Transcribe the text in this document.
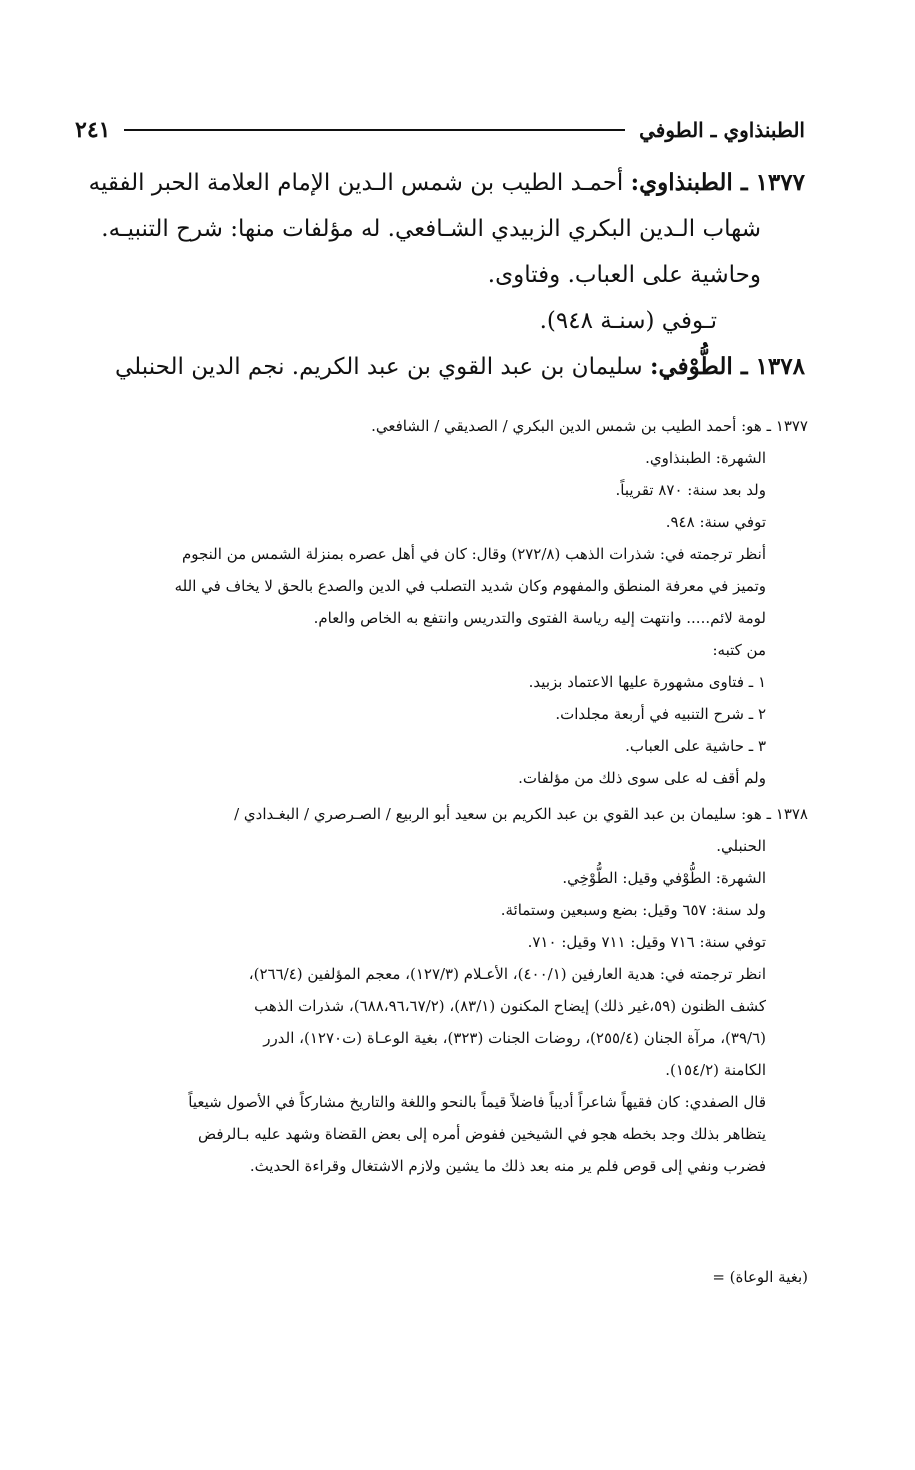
الطبنذاوي ـ الطوفي
٢٤١
١٣٧٧ ـ الطبنذاوي: أحمـد الطيب بن شمس الـدين الإمام العلامة الحبر الفقيه
شهاب الـدين البكري الزبيدي الشـافعي. له مؤلفات منها: شرح التنبيـه.
وحاشية على العباب. وفتاوى.
تـوفي (سنـة ٩٤٨).
١٣٧٨ ـ الطُّوْفي: سليمان بن عبد القوي بن عبد الكريم. نجم الدين الحنبلي
١٣٧٧ ـ هو: أحمد الطيب بن شمس الدين البكري / الصديقي / الشافعي.
الشهرة: الطبنذاوي.
ولد بعد سنة: ٨٧٠ تقريباً.
توفي سنة: ٩٤٨.
أنظر ترجمته في: شذرات الذهب (٢٧٢/٨) وقال: كان في أهل عصره بمنزلة الشمس من النجوم
وتميز في معرفة المنطق والمفهوم وكان شديد التصلب في الدين والصدع بالحق لا يخاف في الله
لومة لائم..... وانتهت إليه رياسة الفتوى والتدريس وانتفع به الخاص والعام.
من كتبه:
١ ـ فتاوى مشهورة عليها الاعتماد بزبيد.
٢ ـ شرح التنبيه في أربعة مجلدات.
٣ ـ حاشية على العباب.
ولم أقف له على سوى ذلك من مؤلفات.
١٣٧٨ ـ هو: سليمان بن عبد القوي بن عبد الكريم بن سعيد أبو الربيع / الصـرصري / البغـدادي /
الحنبلي.
الشهرة: الطُّوْفي وقيل: الطُّوْخِي.
ولد سنة: ٦٥٧ وقيل: بضع وسبعين وستمائة.
توفي سنة: ٧١٦ وقيل: ٧١١ وقيل: ٧١٠.
انظر ترجمته في: هدية العارفين (٤٠٠/١)، الأعـلام (١٢٧/٣)، معجم المؤلفين (٢٦٦/٤)،
كشف الظنون (٥٩،غير ذلك) إيضاح المكنون (٨٣/١)، (٦٨٨،٩٦،٦٧/٢)، شذرات الذهب
(٣٩/٦)، مرآة الجنان (٢٥٥/٤)، روضات الجنات (٣٢٣)، بغية الوعـاة (ت١٢٧٠)، الدرر
الكامنة (١٥٤/٢).
قال الصفدي: كان فقيهاً شاعراً أديباً فاضلاً قيماً بالنحو واللغة والتاريخ مشاركاً في الأصول شيعياً
يتظاهر بذلك وجد بخطه هجو في الشيخين ففوض أمره إلى بعض القضاة وشهد عليه بـالرفض
فضرب ونفي إلى قوص فلم ير منه بعد ذلك ما يشين ولازم الاشتغال وقراءة الحديث.
(بغية الوعاة) =
